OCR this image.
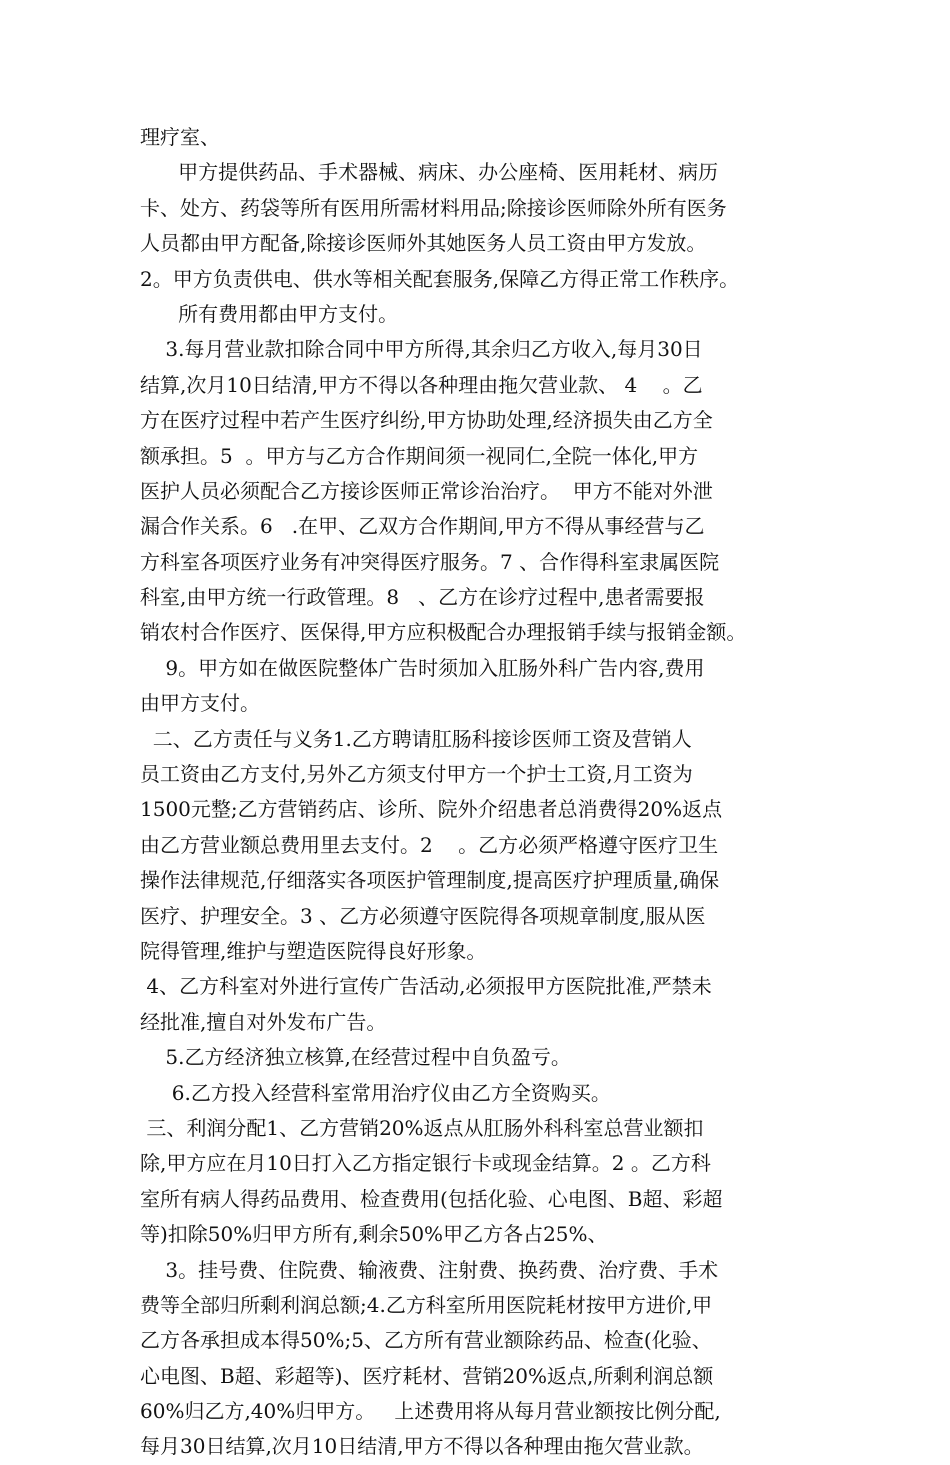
理疗室、
甲方提供药品、手术器械、病床、办公座椅、医用耗材、病历
卡、处方、药袋等所有医用所需材料用品;除接诊医师除外所有医务
人员都由甲方配备,除接诊医师外其她医务人员工资由甲方发放。
2。甲方负责供电、供水等相关配套服务,保障乙方得正常工作秩序。
所有费用都由甲方支付。
3.每月营业款扣除合同中甲方所得,其余归乙方收入,每月30日
结算,次月10日结清,甲方不得以各种理由拖欠营业款、 4    。乙
方在医疗过程中若产生医疗纠纷,甲方协助处理,经济损失由乙方全
额承担。5  。甲方与乙方合作期间须一视同仁,全院一体化,甲方
医护人员必须配合乙方接诊医师正常诊治治疗。  甲方不能对外泄
漏合作关系。6   .在甲、乙双方合作期间,甲方不得从事经营与乙
方科室各项医疗业务有冲突得医疗服务。7 、合作得科室隶属医院
科室,由甲方统一行政管理。8   、乙方在诊疗过程中,患者需要报
销农村合作医疗、医保得,甲方应积极配合办理报销手续与报销金额。
9。甲方如在做医院整体广告时须加入肛肠外科广告内容,费用
由甲方支付。
二、乙方责任与义务1.乙方聘请肛肠科接诊医师工资及营销人
员工资由乙方支付,另外乙方须支付甲方一个护士工资,月工资为
1500元整;乙方营销药店、诊所、院外介绍患者总消费得20%返点
由乙方营业额总费用里去支付。2    。乙方必须严格遵守医疗卫生
操作法律规范,仔细落实各项医护管理制度,提高医疗护理质量,确保
医疗、护理安全。3 、乙方必须遵守医院得各项规章制度,服从医
院得管理,维护与塑造医院得良好形象。
4、乙方科室对外进行宣传广告活动,必须报甲方医院批准,严禁未
经批准,擅自对外发布广告。
5.乙方经济独立核算,在经营过程中自负盈亏。
6.乙方投入经营科室常用治疗仪由乙方全资购买。
三、利润分配1、乙方营销20%返点从肛肠外科科室总营业额扣
除,甲方应在月10日打入乙方指定银行卡或现金结算。2 。乙方科
室所有病人得药品费用、检查费用(包括化验、心电图、B超、彩超
等)扣除50%归甲方所有,剩余50%甲乙方各占25%、
3。挂号费、住院费、输液费、注射费、换药费、治疗费、手术
费等全部归所剩利润总额;4.乙方科室所用医院耗材按甲方进价,甲
乙方各承担成本得50%;5、乙方所有营业额除药品、检查(化验、
心电图、B超、彩超等)、医疗耗材、营销20%返点,所剩利润总额
60%归乙方,40%归甲方。   上述费用将从每月营业额按比例分配,
每月30日结算,次月10日结清,甲方不得以各种理由拖欠营业款。
